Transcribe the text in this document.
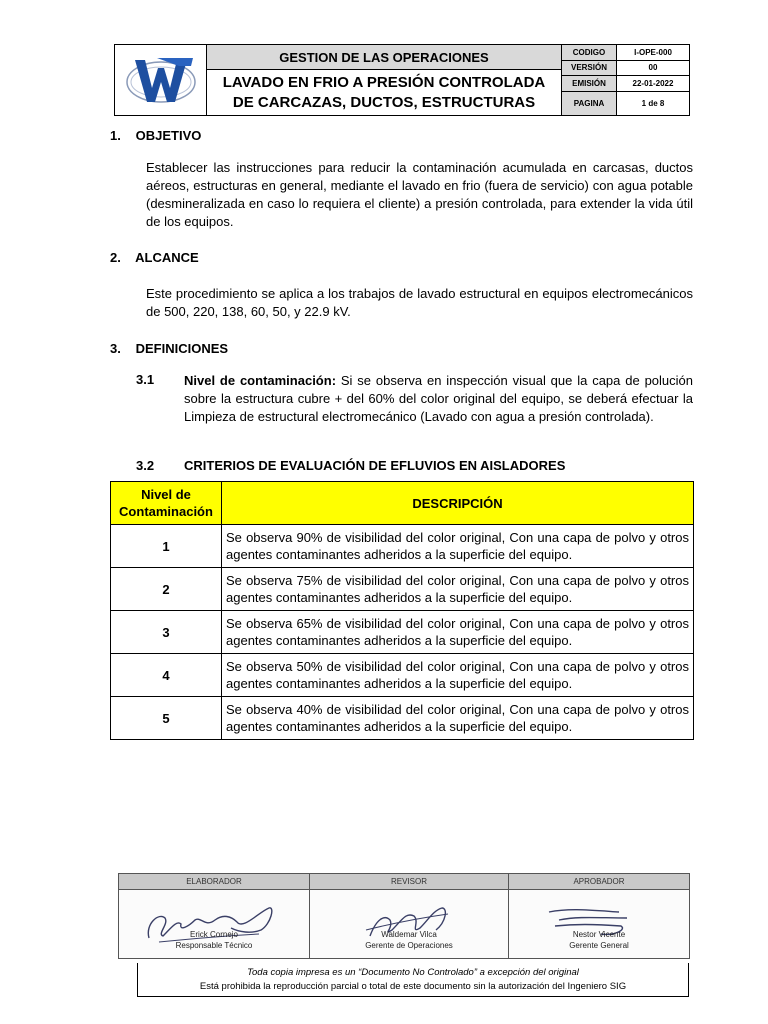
GESTION DE LAS OPERACIONES
LAVADO EN FRIO A PRESIÓN CONTROLADA
DE CARCAZAS, DUCTOS, ESTRUCTURAS
CODIGO	I-OPE-000
VERSIÓN	00
EMISIÓN	22-01-2022
PAGINA	1 de 8
1. OBJETIVO
Establecer las instrucciones para reducir la contaminación acumulada en carcasas, ductos aéreos, estructuras en general, mediante el lavado en frio (fuera de servicio) con agua potable (desmineralizada en caso lo requiera el cliente) a presión controlada, para extender la vida útil de los equipos.
2. ALCANCE
Este procedimiento se aplica a los trabajos de lavado estructural en equipos electromecánicos de 500, 220, 138, 60, 50, y 22.9 kV.
3. DEFINICIONES
3.1 Nivel de contaminación: Si se observa en inspección visual que la capa de polución sobre la estructura cubre + del 60% del color original del equipo, se deberá efectuar la Limpieza de estructural electromecánico (Lavado con agua a presión controlada).
3.2 CRITERIOS DE EVALUACIÓN DE EFLUVIOS EN AISLADORES
Nivel de Contaminación	DESCRIPCIÓN
1	Se observa 90% de visibilidad del color original, Con una capa de polvo y otros agentes contaminantes adheridos a la superficie del equipo.
2	Se observa 75% de visibilidad del color original, Con una capa de polvo y otros agentes contaminantes adheridos a la superficie del equipo.
3	Se observa 65% de visibilidad del color original, Con una capa de polvo y otros agentes contaminantes adheridos a la superficie del equipo.
4	Se observa 50% de visibilidad del color original, Con una capa de polvo y otros agentes contaminantes adheridos a la superficie del equipo.
5	Se observa 40% de visibilidad del color original, Con una capa de polvo y otros agentes contaminantes adheridos a la superficie del equipo.
ELABORADOR
Erick Cornejo
Responsable Técnico
REVISOR
Waldemar Vilca
Gerente de Operaciones
APROBADOR
Nestor Vicente
Gerente General
Toda copia impresa es un “Documento No Controlado” a excepción del original
Está prohibida la reproducción parcial o total de este documento sin la autorización del Ingeniero SIG
